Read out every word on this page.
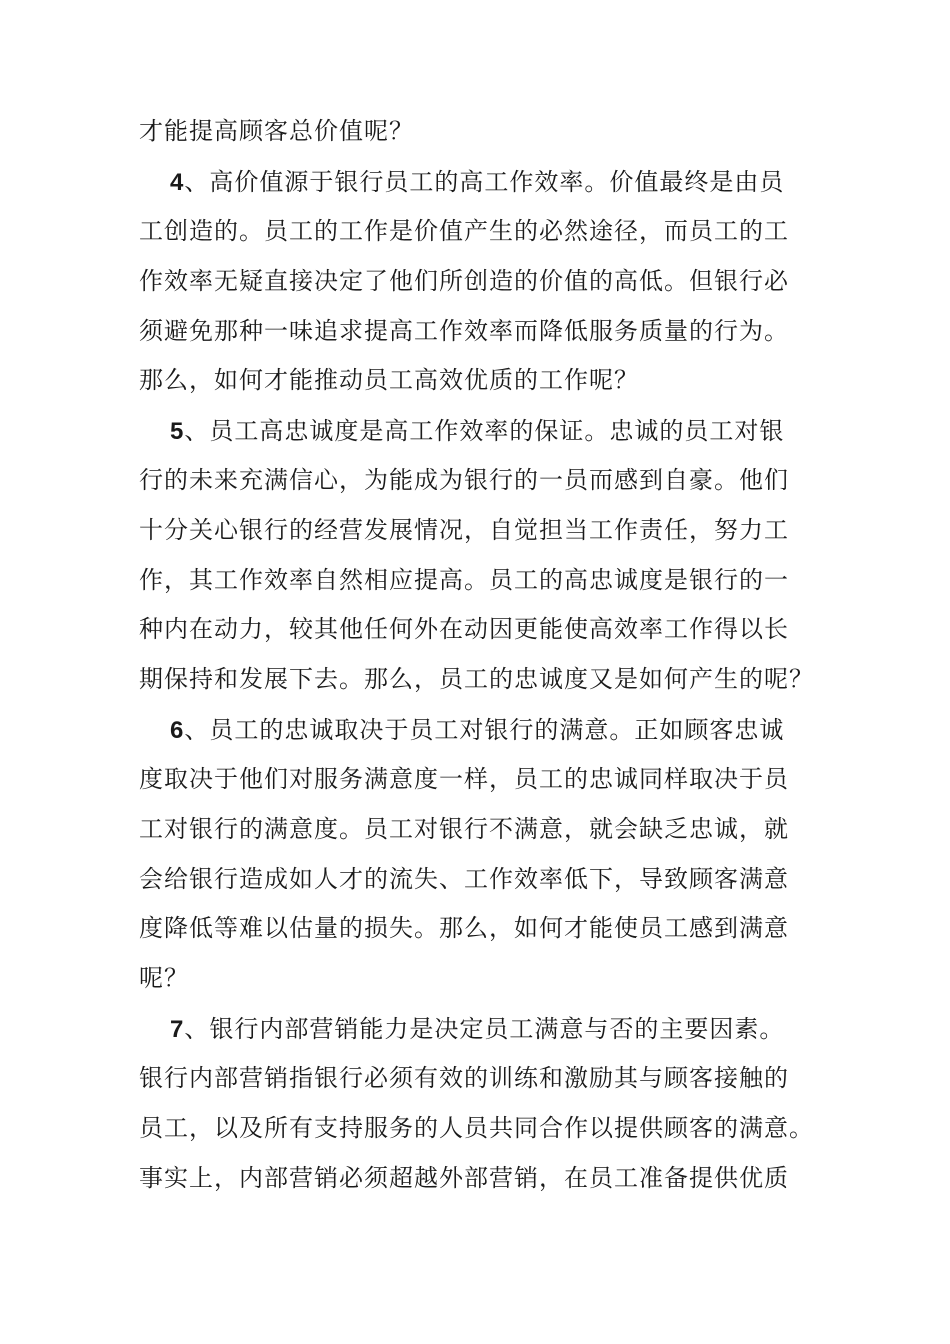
才能提高顾客总价值呢？
4、高价值源于银行员工的高工作效率。价值最终是由员
工创造的。员工的工作是价值产生的必然途径，而员工的工
作效率无疑直接决定了他们所创造的价值的高低。但银行必
须避免那种一味追求提高工作效率而降低服务质量的行为。
那么，如何才能推动员工高效优质的工作呢？
5、员工高忠诚度是高工作效率的保证。忠诚的员工对银
行的未来充满信心，为能成为银行的一员而感到自豪。他们
十分关心银行的经营发展情况，自觉担当工作责任，努力工
作，其工作效率自然相应提高。员工的高忠诚度是银行的一
种内在动力，较其他任何外在动因更能使高效率工作得以长
期保持和发展下去。那么，员工的忠诚度又是如何产生的呢？
6、员工的忠诚取决于员工对银行的满意。正如顾客忠诚
度取决于他们对服务满意度一样，员工的忠诚同样取决于员
工对银行的满意度。员工对银行不满意，就会缺乏忠诚，就
会给银行造成如人才的流失、工作效率低下，导致顾客满意
度降低等难以估量的损失。那么，如何才能使员工感到满意
呢？
7、银行内部营销能力是决定员工满意与否的主要因素。
银行内部营销指银行必须有效的训练和激励其与顾客接触的
员工，以及所有支持服务的人员共同合作以提供顾客的满意。
事实上，内部营销必须超越外部营销，在员工准备提供优质
